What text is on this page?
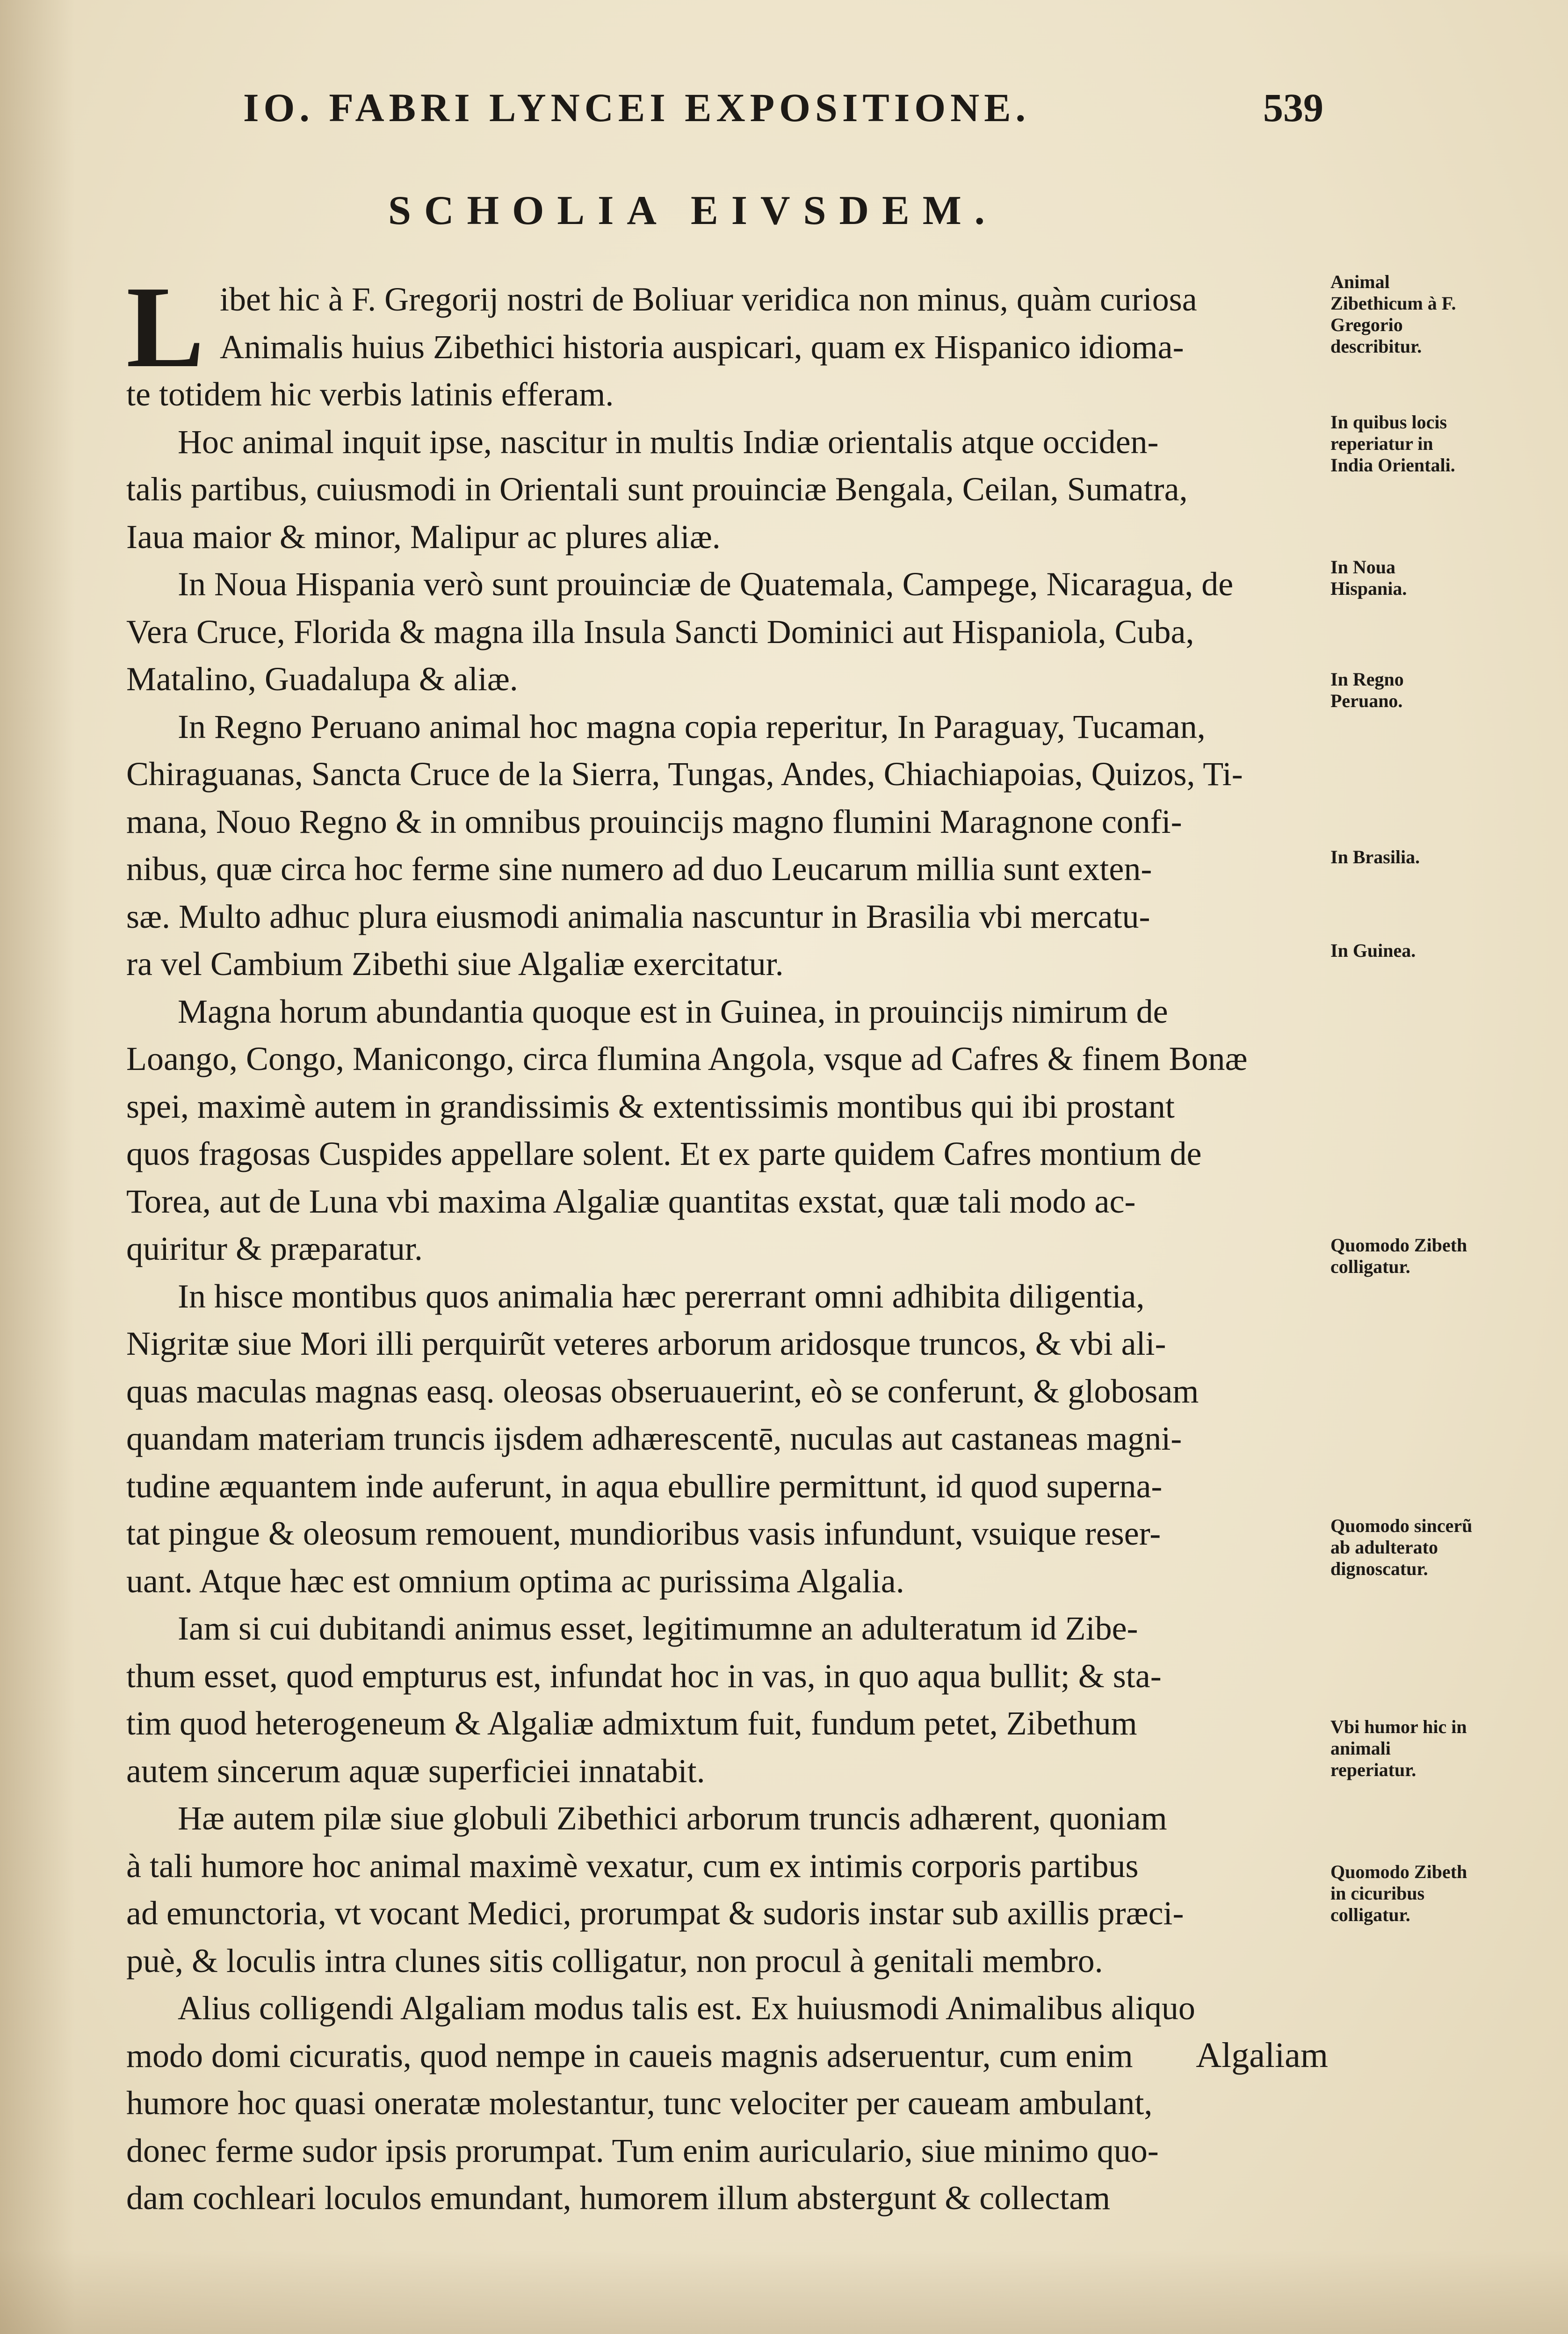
IO. FABRI LYNCEI EXPOSITIONE.	539
SCHOLIA EIVSDEM.
L ibet hic à F. Gregorij nostri de Boliuar veridica non minus, quàm curiosa
Animalis huius Zibethici historia auspicari, quam ex Hispanico idioma-
te totidem hic verbis latinis efferam.
Hoc animal inquit ipse, nascitur in multis Indiæ orientalis atque occiden-
talis partibus, cuiusmodi in Orientali sunt prouinciæ Bengala, Ceilan, Sumatra,
Iaua maior & minor, Malipur ac plures aliæ.
In Noua Hispania verò sunt prouinciæ de Quatemala, Campege, Nicaragua, de
Vera Cruce, Florida & magna illa Insula Sancti Dominici aut Hispaniola, Cuba,
Matalino, Guadalupa & aliæ.
In Regno Peruano animal hoc magna copia reperitur, In Paraguay, Tucaman,
Chiraguanas, Sancta Cruce de la Sierra, Tungas, Andes, Chiachiapoias, Quizos, Ti-
mana, Nouo Regno & in omnibus prouincijs magno flumini Maragnone confi-
nibus, quæ circa hoc ferme sine numero ad duo Leucarum millia sunt exten-
sæ. Multo adhuc plura eiusmodi animalia nascuntur in Brasilia vbi mercatu-
ra vel Cambium Zibethi siue Algaliæ exercitatur.
Magna horum abundantia quoque est in Guinea, in prouincijs nimirum de
Loango, Congo, Manicongo, circa flumina Angola, vsque ad Cafres & finem Bonæ
spei, maximè autem in grandissimis & extentissimis montibus qui ibi prostant
quos fragosas Cuspides appellare solent. Et ex parte quidem Cafres montium de
Torea, aut de Luna vbi maxima Algaliæ quantitas exstat, quæ tali modo ac-
quiritur & præparatur.
In hisce montibus quos animalia hæc pererrant omni adhibita diligentia,
Nigritæ siue Mori illi perquirũt veteres arborum aridosque truncos, & vbi ali-
quas maculas magnas easq. oleosas obseruauerint, eò se conferunt, & globosam
quandam materiam truncis ijsdem adhærescentē, nuculas aut castaneas magni-
tudine æquantem inde auferunt, in aqua ebullire permittunt, id quod superna-
tat pingue & oleosum remouent, mundioribus vasis infundunt, vsuique reser-
uant. Atque hæc est omnium optima ac purissima Algalia.
Iam si cui dubitandi animus esset, legitimumne an adulteratum id Zibe-
thum esset, quod empturus est, infundat hoc in vas, in quo aqua bullit; & sta-
tim quod heterogeneum & Algaliæ admixtum fuit, fundum petet, Zibethum
autem sincerum aquæ superficiei innatabit.
Hæ autem pilæ siue globuli Zibethici arborum truncis adhærent, quoniam
à tali humore hoc animal maximè vexatur, cum ex intimis corporis partibus
ad emunctoria, vt vocant Medici, prorumpat & sudoris instar sub axillis præci-
puè, & loculis intra clunes sitis colligatur, non procul à genitali membro.
Alius colligendi Algaliam modus talis est. Ex huiusmodi Animalibus aliquo
modo domi cicuratis, quod nempe in caueis magnis adseruentur, cum enim
humore hoc quasi oneratæ molestantur, tunc velociter per caueam ambulant,
donec ferme sudor ipsis prorumpat. Tum enim auriculario, siue minimo quo-
dam cochleari loculos emundant, humorem illum abstergunt & collectam
Algaliam
Animal Zibethicum à F. Gregorio describitur.
In quibus locis reperiatur in India Orientali.
In Noua Hispania.
In Regno Peruano.
In Brasilia.
In Guinea.
Quomodo Zibeth colligatur.
Quomodo sincerũ ab adulterato dignoscatur.
Vbi humor hic in animali reperiatur.
Quomodo Zibeth in cicuribus colligatur.
